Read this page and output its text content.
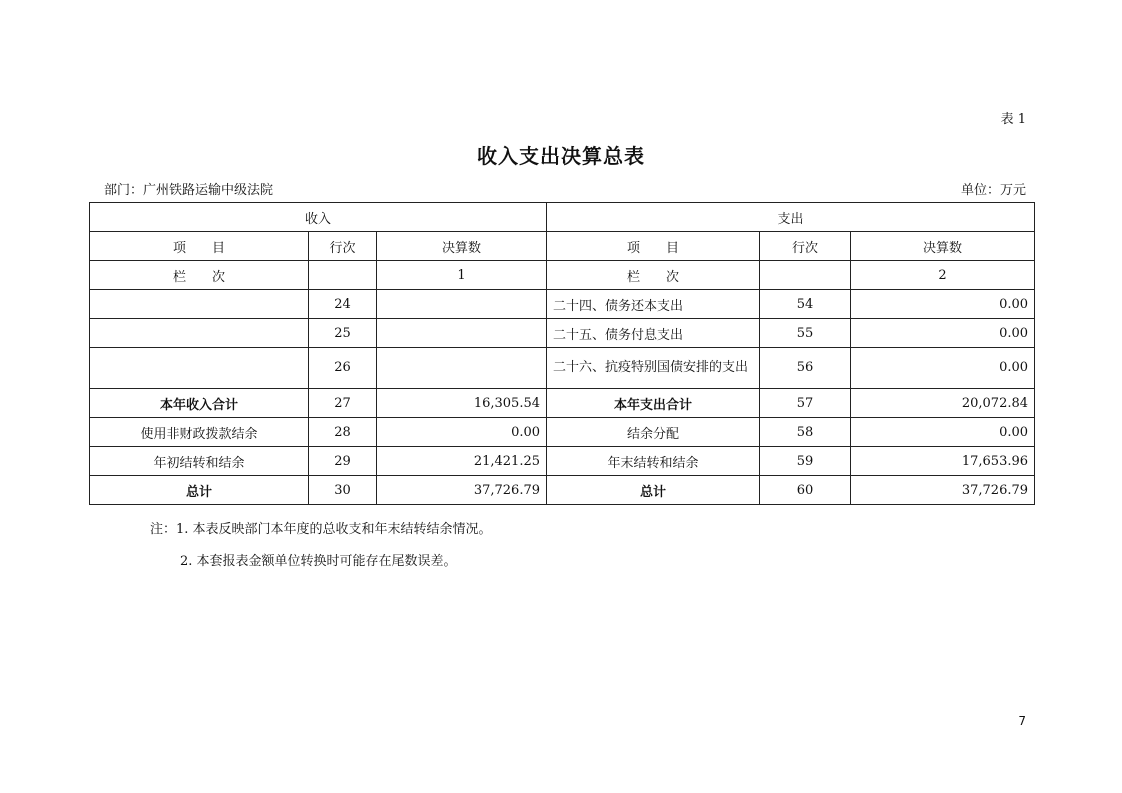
表 1
收入支出决算总表
部门：广州铁路运输中级法院	单位：万元
收入			支出		
项　　目	行次	决算数	项　　目	行次	决算数
栏　　次		1	栏　　次		2
	24		二十四、债务还本支出	54	0.00
	25		二十五、债务付息支出	55	0.00
	26		二十六、抗疫特别国债安排的支出	56	0.00
本年收入合计	27	16,305.54	本年支出合计	57	20,072.84
使用非财政拨款结余	28	0.00	结余分配	58	0.00
年初结转和结余	29	21,421.25	年末结转和结余	59	17,653.96
总计	30	37,726.79	总计	60	37,726.79
注：1. 本表反映部门本年度的总收支和年末结转结余情况。
2. 本套报表金额单位转换时可能存在尾数误差。
7
